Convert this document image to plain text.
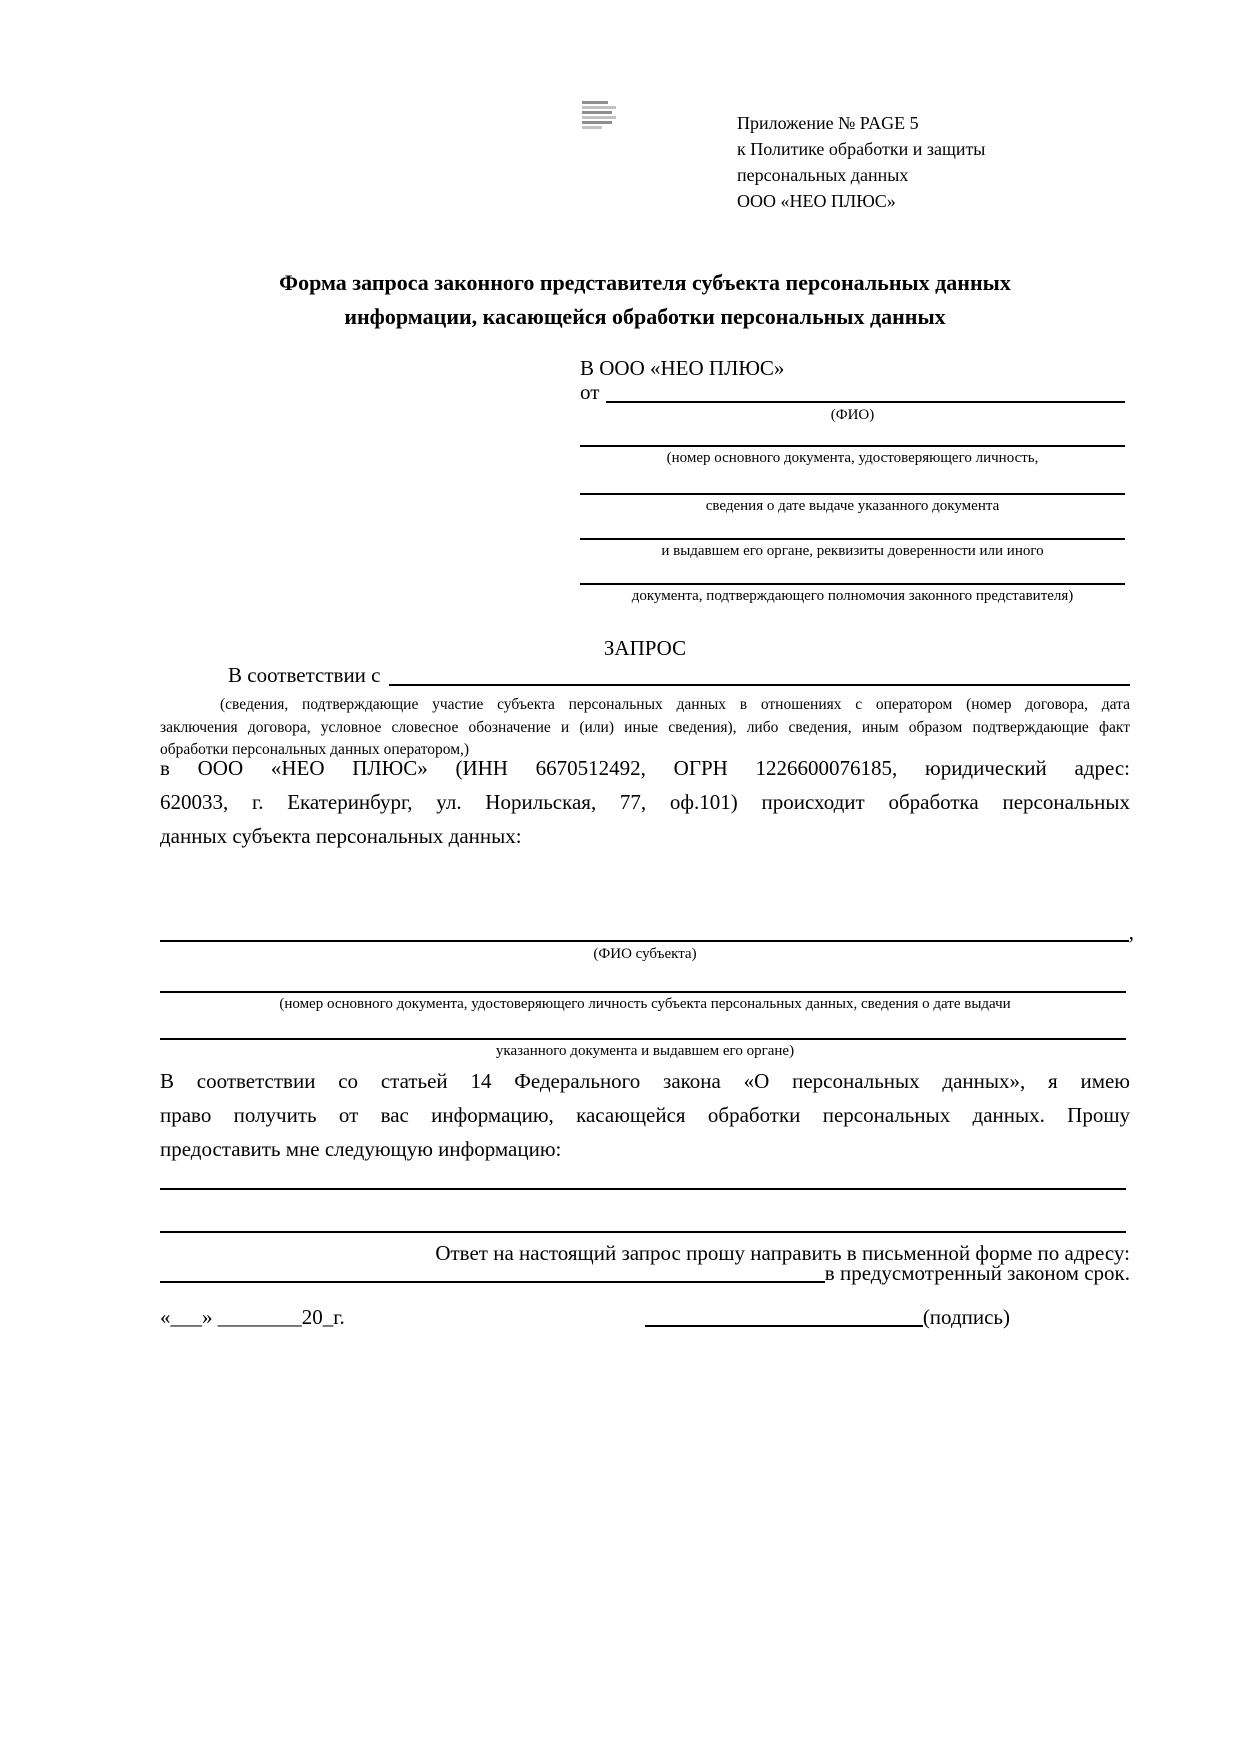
Приложение № PAGE 5
к Политике обработки и защиты
персональных данных
ООО «НЕО ПЛЮС»
Форма запроса законного представителя субъекта персональных данных
информации, касающейся обработки персональных данных
В ООО «НЕО ПЛЮС»
от
(ФИО)
(номер основного документа, удостоверяющего личность,
сведения о дате выдаче указанного документа
и выдавшем его органе, реквизиты доверенности или иного
документа, подтверждающего полномочия законного представителя)
ЗАПРОС
В соответствии с
(сведения, подтверждающие участие субъекта персональных данных в отношениях с оператором (номер договора, дата
заключения договора, условное словесное обозначение и (или) иные сведения), либо сведения, иным образом подтверждающие факт
обработки персональных данных оператором,)
в ООО «НЕО ПЛЮС» (ИНН 6670512492, ОГРН 1226600076185, юридический адрес:
620033, г. Екатеринбург, ул. Норильская, 77, оф.101) происходит обработка персональных
данных субъекта персональных данных:
,
(ФИО субъекта)
(номер основного документа, удостоверяющего личность субъекта персональных данных, сведения о дате выдачи
указанного документа и выдавшем его органе)
В соответствии со статьей 14 Федерального закона «О персональных данных», я имею
право получить от вас информацию, касающейся обработки персональных данных. Прошу
предоставить мне следующую информацию:
Ответ на настоящий запрос прошу направить в письменной форме по адресу:
в предусмотренный законом срок.
«___» ________20_г.	(подпись)
